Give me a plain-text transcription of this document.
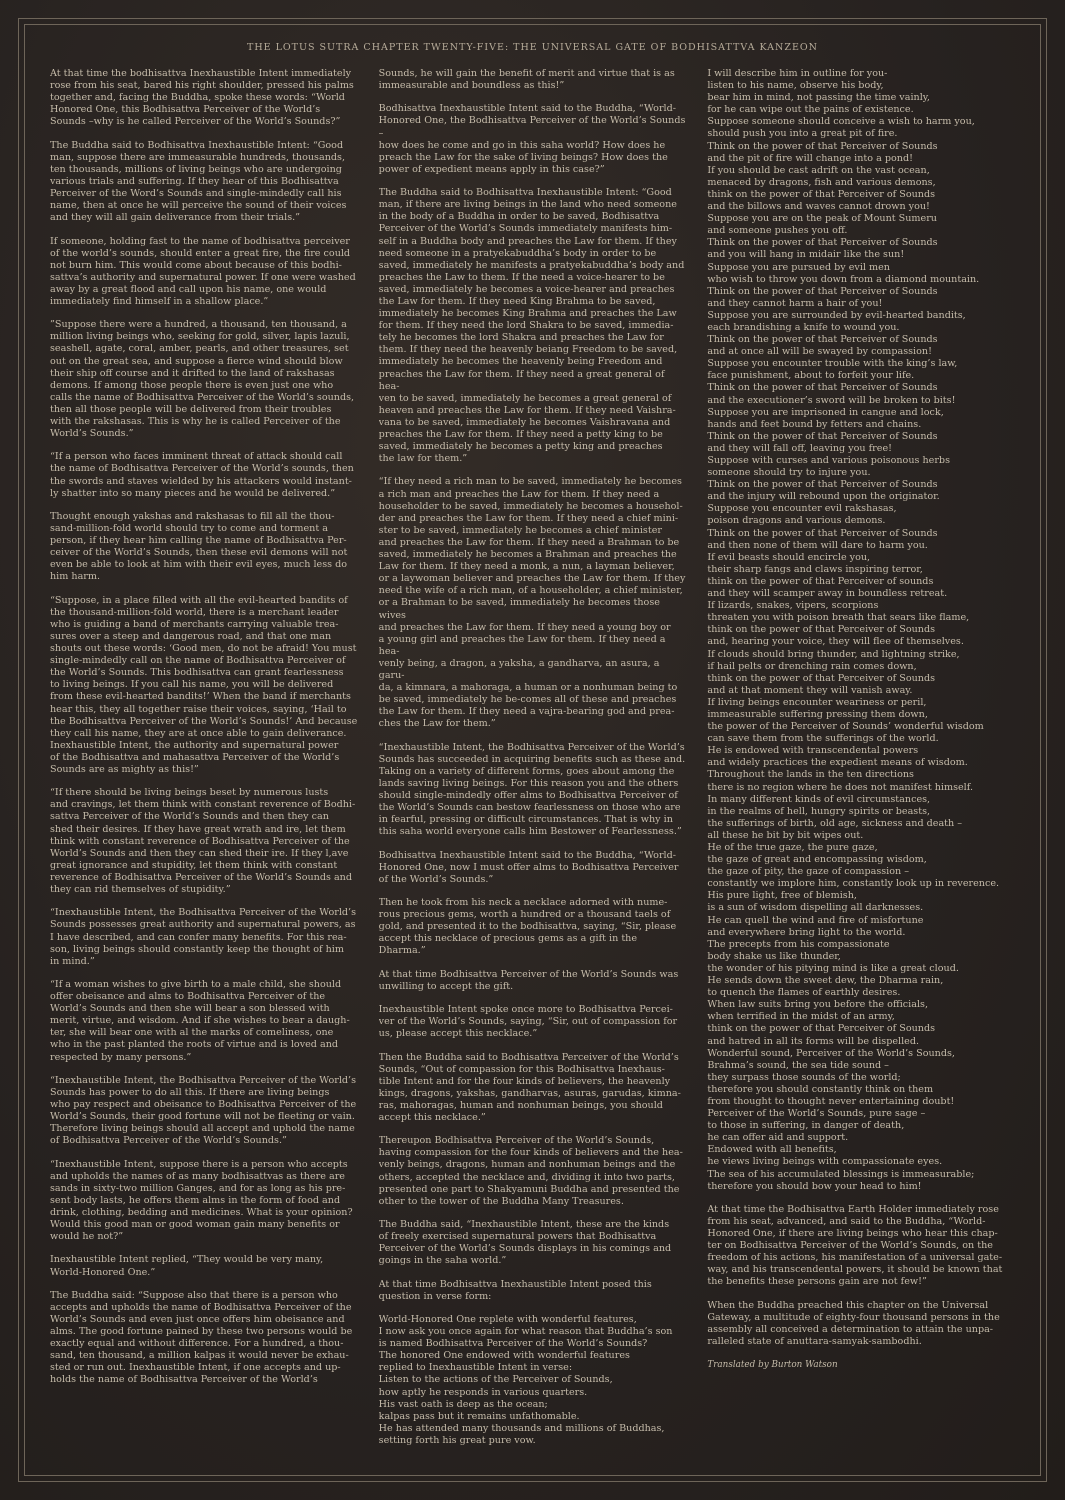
THE LOTUS SUTRA CHAPTER TWENTY-FIVE: THE UNIVERSAL GATE OF BODHISATTVA KANZEON

At that time the bodhisattva Inexhaustible Intent immediately
rose from his seat, bared his right shoulder, pressed his palms
together and, facing the Buddha, spoke these words: “World
Honored One, this Bodhisattva Perceiver of the World’s
Sounds –why is he called Perceiver of the World’s Sounds?”

The Buddha said to Bodhisattva Inexhaustible Intent: “Good
man, suppose there are immeasurable hundreds, thousands,
ten thousands, millions of living beings who are undergoing
various trials and suffering. If they hear of this Bodhisattva
Perceiver of the Word’s Sounds and single-mindedly call his
name, then at once he will perceive the sound of their voices
and they will all gain deliverance from their trials.”

If someone, holding fast to the name of bodhisattva perceiver
of the world’s sounds, should enter a great fire, the fire could
not burn him. This would come about because of this bodhi-
sattva’s authority and supernatural power. If one were washed
away by a great flood and call upon his name, one would
immediately find himself in a shallow place.”

”Suppose there were a hundred, a thousand, ten thousand, a
million living beings who, seeking for gold, silver, lapis lazuli,
seashell, agate, coral, amber, pearls, and other treasures, set
out on the great sea, and suppose a fierce wind should blow
their ship off course and it drifted to the land of rakshasas
demons. If among those people there is even just one who
calls the name of Bodhisattva Perceiver of the World’s sounds,
then all those people will be delivered from their troubles
with the rakshasas. This is why he is called Perceiver of the
World’s Sounds.”

“If a person who faces imminent threat of attack should call
the name of Bodhisattva Perceiver of the World’s sounds, then
the swords and staves wielded by his attackers would instant-
ly shatter into so many pieces and he would be delivered.”

Thought enough yakshas and rakshasas to fill all the thou-
sand-million-fold world should try to come and torment a
person, if they hear him calling the name of Bodhisattva Per-
ceiver of the World’s Sounds, then these evil demons will not
even be able to look at him with their evil eyes, much less do
him harm.

“Suppose, in a place filled with all the evil-hearted bandits of
the thousand-million-fold world, there is a merchant leader
who is guiding a band of merchants carrying valuable trea-
sures over a steep and dangerous road, and that one man
shouts out these words: ‘Good men, do not be afraid! You must
single-mindedly call on the name of Bodhisattva Perceiver of
the World’s Sounds. This bodhisattva can grant fearlessness
to living beings. If you call his name, you will be delivered
from these evil-hearted bandits!’ When the band if merchants
hear this, they all together raise their voices, saying, ‘Hail to
the Bodhisattva Perceiver of the World’s Sounds!’ And because
they call his name, they are at once able to gain deliverance.
Inexhaustible Intent, the authority and supernatural power
of the Bodhisattva and mahasattva Perceiver of the World’s
Sounds are as mighty as this!”

“If there should be living beings beset by numerous lusts
and cravings, let them think with constant reverence of Bodhi-
sattva Perceiver of the World’s Sounds and then they can
shed their desires. If they have great wrath and ire, let them
think with constant reverence of Bodhisattva Perceiver of the
World’s Sounds and then they can shed their ire. If they l,ave
great ignorance and stupidity, let them think with constant
reverence of Bodhisattva Perceiver of the World’s Sounds and
they can rid themselves of stupidity.”

“Inexhaustible Intent, the Bodhisattva Perceiver of the World’s
Sounds possesses great authority and supernatural powers, as
I have described, and can confer many benefits. For this rea-
son, living beings should constantly keep the thought of him
in mind.”

“If a woman wishes to give birth to a male child, she should
offer obeisance and alms to Bodhisattva Perceiver of the
World’s Sounds and then she will bear a son blessed with
merit, virtue, and wisdom. And if she wishes to bear a daugh-
ter, she will bear one with al the marks of comeliness, one
who in the past planted the roots of virtue and is loved and
respected by many persons.”

“Inexhaustible Intent, the Bodhisattva Perceiver of the World’s
Sounds has power to do all this. If there are living beings
who pay respect and obeisance to Bodhisattva Perceiver of the
World’s Sounds, their good fortune will not be fleeting or vain.
Therefore living beings should all accept and uphold the name
of Bodhisattva Perceiver of the World’s Sounds.”

“Inexhaustible Intent, suppose there is a person who accepts
and upholds the names of as many bodhisattvas as there are
sands in sixty-two million Ganges, and for as long as his pre-
sent body lasts, he offers them alms in the form of food and
drink, clothing, bedding and medicines. What is your opinion?
Would this good man or good woman gain many benefits or
would he not?”

Inexhaustible Intent replied, “They would be very many,
World-Honored One.”

The Buddha said: “Suppose also that there is a person who
accepts and upholds the name of Bodhisattva Perceiver of the
World’s Sounds and even just once offers him obeisance and
alms. The good fortune pained by these two persons would be
exactly equal and without difference. For a hundred, a thou-
sand, ten thousand, a million kalpas it would never be exhau-
sted or run out. Inexhaustible Intent, if one accepts and up-
holds the name of Bodhisattva Perceiver of the World’s

Sounds, he will gain the benefit of merit and virtue that is as
immeasurable and boundless as this!”

Bodhisattva Inexhaustible Intent said to the Buddha, “World-
Honored One, the Bodhisattva Perceiver of the World’s Sounds –
how does he come and go in this saha world? How does he
preach the Law for the sake of living beings? How does the
power of expedient means apply in this case?”

The Buddha said to Bodhisattva Inexhaustible Intent: “Good
man, if there are living beings in the land who need someone
in the body of a Buddha in order to be saved, Bodhisattva
Perceiver of the World’s Sounds immediately manifests him-
self in a Buddha body and preaches the Law for them. If they
need someone in a pratyekabuddha’s body in order to be
saved, immediately he manifests a pratyekabuddha’s body and
preaches the Law to them. If the need a voice-hearer to be
saved, immediately he becomes a voice-hearer and preaches
the Law for them. If they need King Brahma to be saved,
immediately he becomes King Brahma and preaches the Law
for them. If they need the lord Shakra to be saved, immedia-
tely he becomes the lord Shakra and preaches the Law for
them. If they need the heavenly beiang Freedom to be saved,
immediately he becomes the heavenly being Freedom and
preaches the Law for them. If they need a great general of hea-
ven to be saved, immediately he becomes a great general of
heaven and preaches the Law for them. If they need Vaishra-
vana to be saved, immediately he becomes Vaishravana and
preaches the Law for them. If they need a petty king to be
saved, immediately he becomes a petty king and preaches
the law for them.”

“If they need a rich man to be saved, immediately he becomes
a rich man and preaches the Law for them. If they need a
householder to be saved, immediately he becomes a househol-
der and preaches the Law for them. If they need a chief mini-
ster to be saved, immediately he becomes a chief minister
and preaches the Law for them. If they need a Brahman to be
saved, immediately he becomes a Brahman and preaches the
Law for them. If they need a monk, a nun, a layman believer,
or a laywoman believer and preaches the Law for them. If they
need the wife of a rich man, of a householder, a chief minister,
or a Brahman to be saved, immediately he becomes those wives
and preaches the Law for them. If they need a young boy or
a young girl and preaches the Law for them. If they need a hea-
venly being, a dragon, a yaksha, a gandharva, an asura, a garu-
da, a kimnara, a mahoraga, a human or a nonhuman being to
be saved, immediately he be-comes all of these and preaches
the Law for them. If they need a vajra-bearing god and prea-
ches the Law for them.”

“Inexhaustible Intent, the Bodhisattva Perceiver of the World’s
Sounds has succeeded in acquiring benefits such as these and.
Taking on a variety of different forms, goes about among the
lands saving living beings. For this reason you and the others
should single-mindedly offer alms to Bodhisattva Perceiver of
the World’s Sounds can bestow fearlessness on those who are
in fearful, pressing or difficult circumstances. That is why in
this saha world everyone calls him Bestower of Fearlessness.”

Bodhisattva Inexhaustible Intent said to the Buddha, “World-
Honored One, now I must offer alms to Bodhisattva Perceiver
of the World’s Sounds.”

Then he took from his neck a necklace adorned with nume-
rous precious gems, worth a hundred or a thousand taels of
gold, and presented it to the bodhisattva, saying, “Sir, please
accept this necklace of precious gems as a gift in the
Dharma.”

At that time Bodhisattva Perceiver of the World’s Sounds was
unwilling to accept the gift.

Inexhaustible Intent spoke once more to Bodhisattva Percei-
ver of the World’s Sounds, saying, “Sir, out of compassion for
us, please accept this necklace.”

Then the Buddha said to Bodhisattva Perceiver of the World’s
Sounds, “Out of compassion for this Bodhisattva Inexhaus-
tible Intent and for the four kinds of believers, the heavenly
kings, dragons, yakshas, gandharvas, asuras, garudas, kimna-
ras, mahoragas, human and nonhuman beings, you should
accept this necklace.”

Thereupon Bodhisattva Perceiver of the World’s Sounds,
having compassion for the four kinds of believers and the hea-
venly beings, dragons, human and nonhuman beings and the
others, accepted the necklace and, dividing it into two parts,
presented one part to Shakyamuni Buddha and presented the
other to the tower of the Buddha Many Treasures.

The Buddha said, “Inexhaustible Intent, these are the kinds
of freely exercised supernatural powers that Bodhisattva
Perceiver of the World’s Sounds displays in his comings and
goings in the saha world.”

At that time Bodhisattva Inexhaustible Intent posed this
question in verse form:

World-Honored One replete with wonderful features,
I now ask you once again for what reason that Buddha’s son
is named Bodhisattva Perceiver of the World’s Sounds?
The honored One endowed with wonderful features
replied to Inexhaustible Intent in verse:
Listen to the actions of the Perceiver of Sounds,
how aptly he responds in various quarters.
His vast oath is deep as the ocean;
kalpas pass but it remains unfathomable.
He has attended many thousands and millions of Buddhas,
setting forth his great pure vow.

I will describe him in outline for you-
listen to his name, observe his body,
bear him in mind, not passing the time vainly,
for he can wipe out the pains of existence.
Suppose someone should conceive a wish to harm you,
should push you into a great pit of fire.
Think on the power of that Perceiver of Sounds
and the pit of fire will change into a pond!
If you should be cast adrift on the vast ocean,
menaced by dragons, fish and various demons,
think on the power of that Perceiver of Sounds
and the billows and waves cannot drown you!
Suppose you are on the peak of Mount Sumeru
and someone pushes you off.
Think on the power of that Perceiver of Sounds
and you will hang in midair like the sun!
Suppose you are pursued by evil men
who wish to throw you down from a diamond mountain.
Think on the power of that Perceiver of Sounds
and they cannot harm a hair of you!
Suppose you are surrounded by evil-hearted bandits,
each brandishing a knife to wound you.
Think on the power of that Perceiver of Sounds
and at once all will be swayed by compassion!
Suppose you encounter trouble with the king’s law,
face punishment, about to forfeit your life.
Think on the power of that Perceiver of Sounds
and the executioner’s sword will be broken to bits!
Suppose you are imprisoned in cangue and lock,
hands and feet bound by fetters and chains.
Think on the power of that Perceiver of Sounds
and they will fall off, leaving you free!
Suppose with curses and various poisonous herbs
someone should try to injure you.
Think on the power of that Perceiver of Sounds
and the injury will rebound upon the originator.
Suppose you encounter evil rakshasas,
poison dragons and various demons.
Think on the power of that Perceiver of Sounds
and then none of them will dare to harm you.
If evil beasts should encircle you,
their sharp fangs and claws inspiring terror,
think on the power of that Perceiver of sounds
and they will scamper away in boundless retreat.
If lizards, snakes, vipers, scorpions
threaten you with poison breath that sears like flame,
think on the power of that Perceiver of Sounds
and, hearing your voice, they will flee of themselves.
If clouds should bring thunder, and lightning strike,
if hail pelts or drenching rain comes down,
think on the power of that Perceiver of Sounds
and at that moment they will vanish away.
If living beings encounter weariness or peril,
immeasurable suffering pressing them down,
the power of the Perceiver of Sounds’ wonderful wisdom
can save them from the sufferings of the world.
He is endowed with transcendental powers
and widely practices the expedient means of wisdom.
Throughout the lands in the ten directions
there is no region where he does not manifest himself.
In many different kinds of evil circumstances,
in the realms of hell, hungry spirits or beasts,
the sufferings of birth, old age, sickness and death –
all these he bit by bit wipes out.
He of the true gaze, the pure gaze,
the gaze of great and encompassing wisdom,
the gaze of pity, the gaze of compassion –
constantly we implore him, constantly look up in reverence.
His pure light, free of blemish,
is a sun of wisdom dispelling all darknesses.
He can quell the wind and fire of misfortune
and everywhere bring light to the world.
The precepts from his compassionate
body shake us like thunder,
the wonder of his pitying mind is like a great cloud.
He sends down the sweet dew, the Dharma rain,
to quench the flames of earthly desires.
When law suits bring you before the officials,
when terrified in the midst of an army,
think on the power of that Perceiver of Sounds
and hatred in all its forms will be dispelled.
Wonderful sound, Perceiver of the World’s Sounds,
Brahma’s sound, the sea tide sound –
they surpass those sounds of the world;
therefore you should constantly think on them
from thought to thought never entertaining doubt!
Perceiver of the World’s Sounds, pure sage –
to those in suffering, in danger of death,
he can offer aid and support.
Endowed with all benefits,
he views living beings with compassionate eyes.
The sea of his accumulated blessings is immeasurable;
therefore you should bow your head to him!

At that time the Bodhisattva Earth Holder immediately rose
from his seat, advanced, and said to the Buddha, “World-
Honored One, if there are living beings who hear this chap-
ter on Bodhisattva Perceiver of the World’s Sounds, on the
freedom of his actions, his manifestation of a universal gate-
way, and his transcendental powers, it should be known that
the benefits these persons gain are not few!”

When the Buddha preached this chapter on the Universal
Gateway, a multitude of eighty-four thousand persons in the
assembly all conceived a determination to attain the unpa-
ralleled state of anuttara-samyak-sambodhi.

Translated by Burton Watson
